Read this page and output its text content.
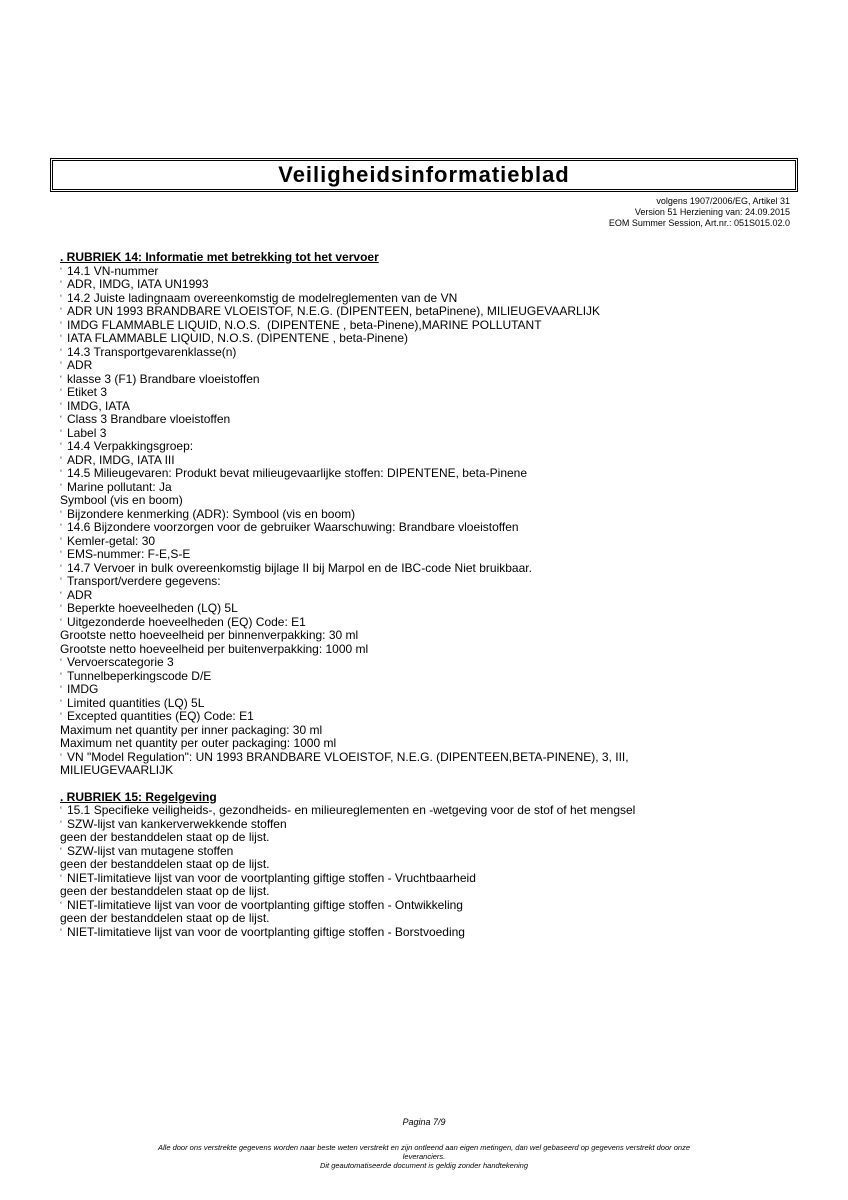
Veiligheidsinformatieblad
volgens 1907/2006/EG, Artikel 31
Version 51 Herziening van: 24.09.2015
EOM Summer Session, Art.nr.: 051S015.02.0
. RUBRIEK 14: Informatie met betrekking tot het vervoer
‘ 14.1 VN-nummer
‘ ADR, IMDG, IATA UN1993
‘ 14.2 Juiste ladingnaam overeenkomstig de modelreglementen van de VN
‘ ADR UN 1993 BRANDBARE VLOEISTOF, N.E.G. (DIPENTEEN, betaPinene), MILIEUGEVAARLIJK
‘ IMDG FLAMMABLE LIQUID, N.O.S.  (DIPENTENE , beta-Pinene),MARINE POLLUTANT
‘ IATA FLAMMABLE LIQUID, N.O.S. (DIPENTENE , beta-Pinene)
‘ 14.3 Transportgevarenklasse(n)
‘ ADR
‘ klasse 3 (F1) Brandbare vloeistoffen
‘ Etiket 3
‘ IMDG, IATA
‘ Class 3 Brandbare vloeistoffen
‘ Label 3
‘ 14.4 Verpakkingsgroep:
‘ ADR, IMDG, IATA III
‘ 14.5 Milieugevaren: Produkt bevat milieugevaarlijke stoffen: DIPENTENE, beta-Pinene
‘ Marine pollutant: Ja
Symbool (vis en boom)
‘ Bijzondere kenmerking (ADR): Symbool (vis en boom)
‘ 14.6 Bijzondere voorzorgen voor de gebruiker Waarschuwing: Brandbare vloeistoffen
‘ Kemler-getal: 30
‘ EMS-nummer: F-E,S-E
‘ 14.7 Vervoer in bulk overeenkomstig bijlage II bij Marpol en de IBC-code Niet bruikbaar.
‘ Transport/verdere gegevens:
‘ ADR
‘ Beperkte hoeveelheden (LQ) 5L
‘ Uitgezonderde hoeveelheden (EQ) Code: E1
Grootste netto hoeveelheid per binnenverpakking: 30 ml
Grootste netto hoeveelheid per buitenverpakking: 1000 ml
‘ Vervoerscategorie 3
‘ Tunnelbeperkingscode D/E
‘ IMDG
‘ Limited quantities (LQ) 5L
‘ Excepted quantities (EQ) Code: E1
Maximum net quantity per inner packaging: 30 ml
Maximum net quantity per outer packaging: 1000 ml
‘ VN "Model Regulation": UN 1993 BRANDBARE VLOEISTOF, N.E.G. (DIPENTEEN,BETA-PINENE), 3, III,
MILIEUGEVAARLIJK
. RUBRIEK 15: Regelgeving
‘ 15.1 Specifieke veiligheids-, gezondheids- en milieureglementen en -wetgeving voor de stof of het mengsel
‘ SZW-lijst van kankerverwekkende stoffen
geen der bestanddelen staat op de lijst.
‘ SZW-lijst van mutagene stoffen
geen der bestanddelen staat op de lijst.
‘ NIET-limitatieve lijst van voor de voortplanting giftige stoffen - Vruchtbaarheid
geen der bestanddelen staat op de lijst.
‘ NIET-limitatieve lijst van voor de voortplanting giftige stoffen - Ontwikkeling
geen der bestanddelen staat op de lijst.
‘ NIET-limitatieve lijst van voor de voortplanting giftige stoffen - Borstvoeding
Pagina 7/9
Alle door ons verstrekte gegevens worden naar beste weten verstrekt en zijn ontleend aan eigen metingen, dan wel gebaseerd op gegevens verstrekt door onze
leveranciers.
Dit geautomatiseerde document is geldig zonder handtekening
